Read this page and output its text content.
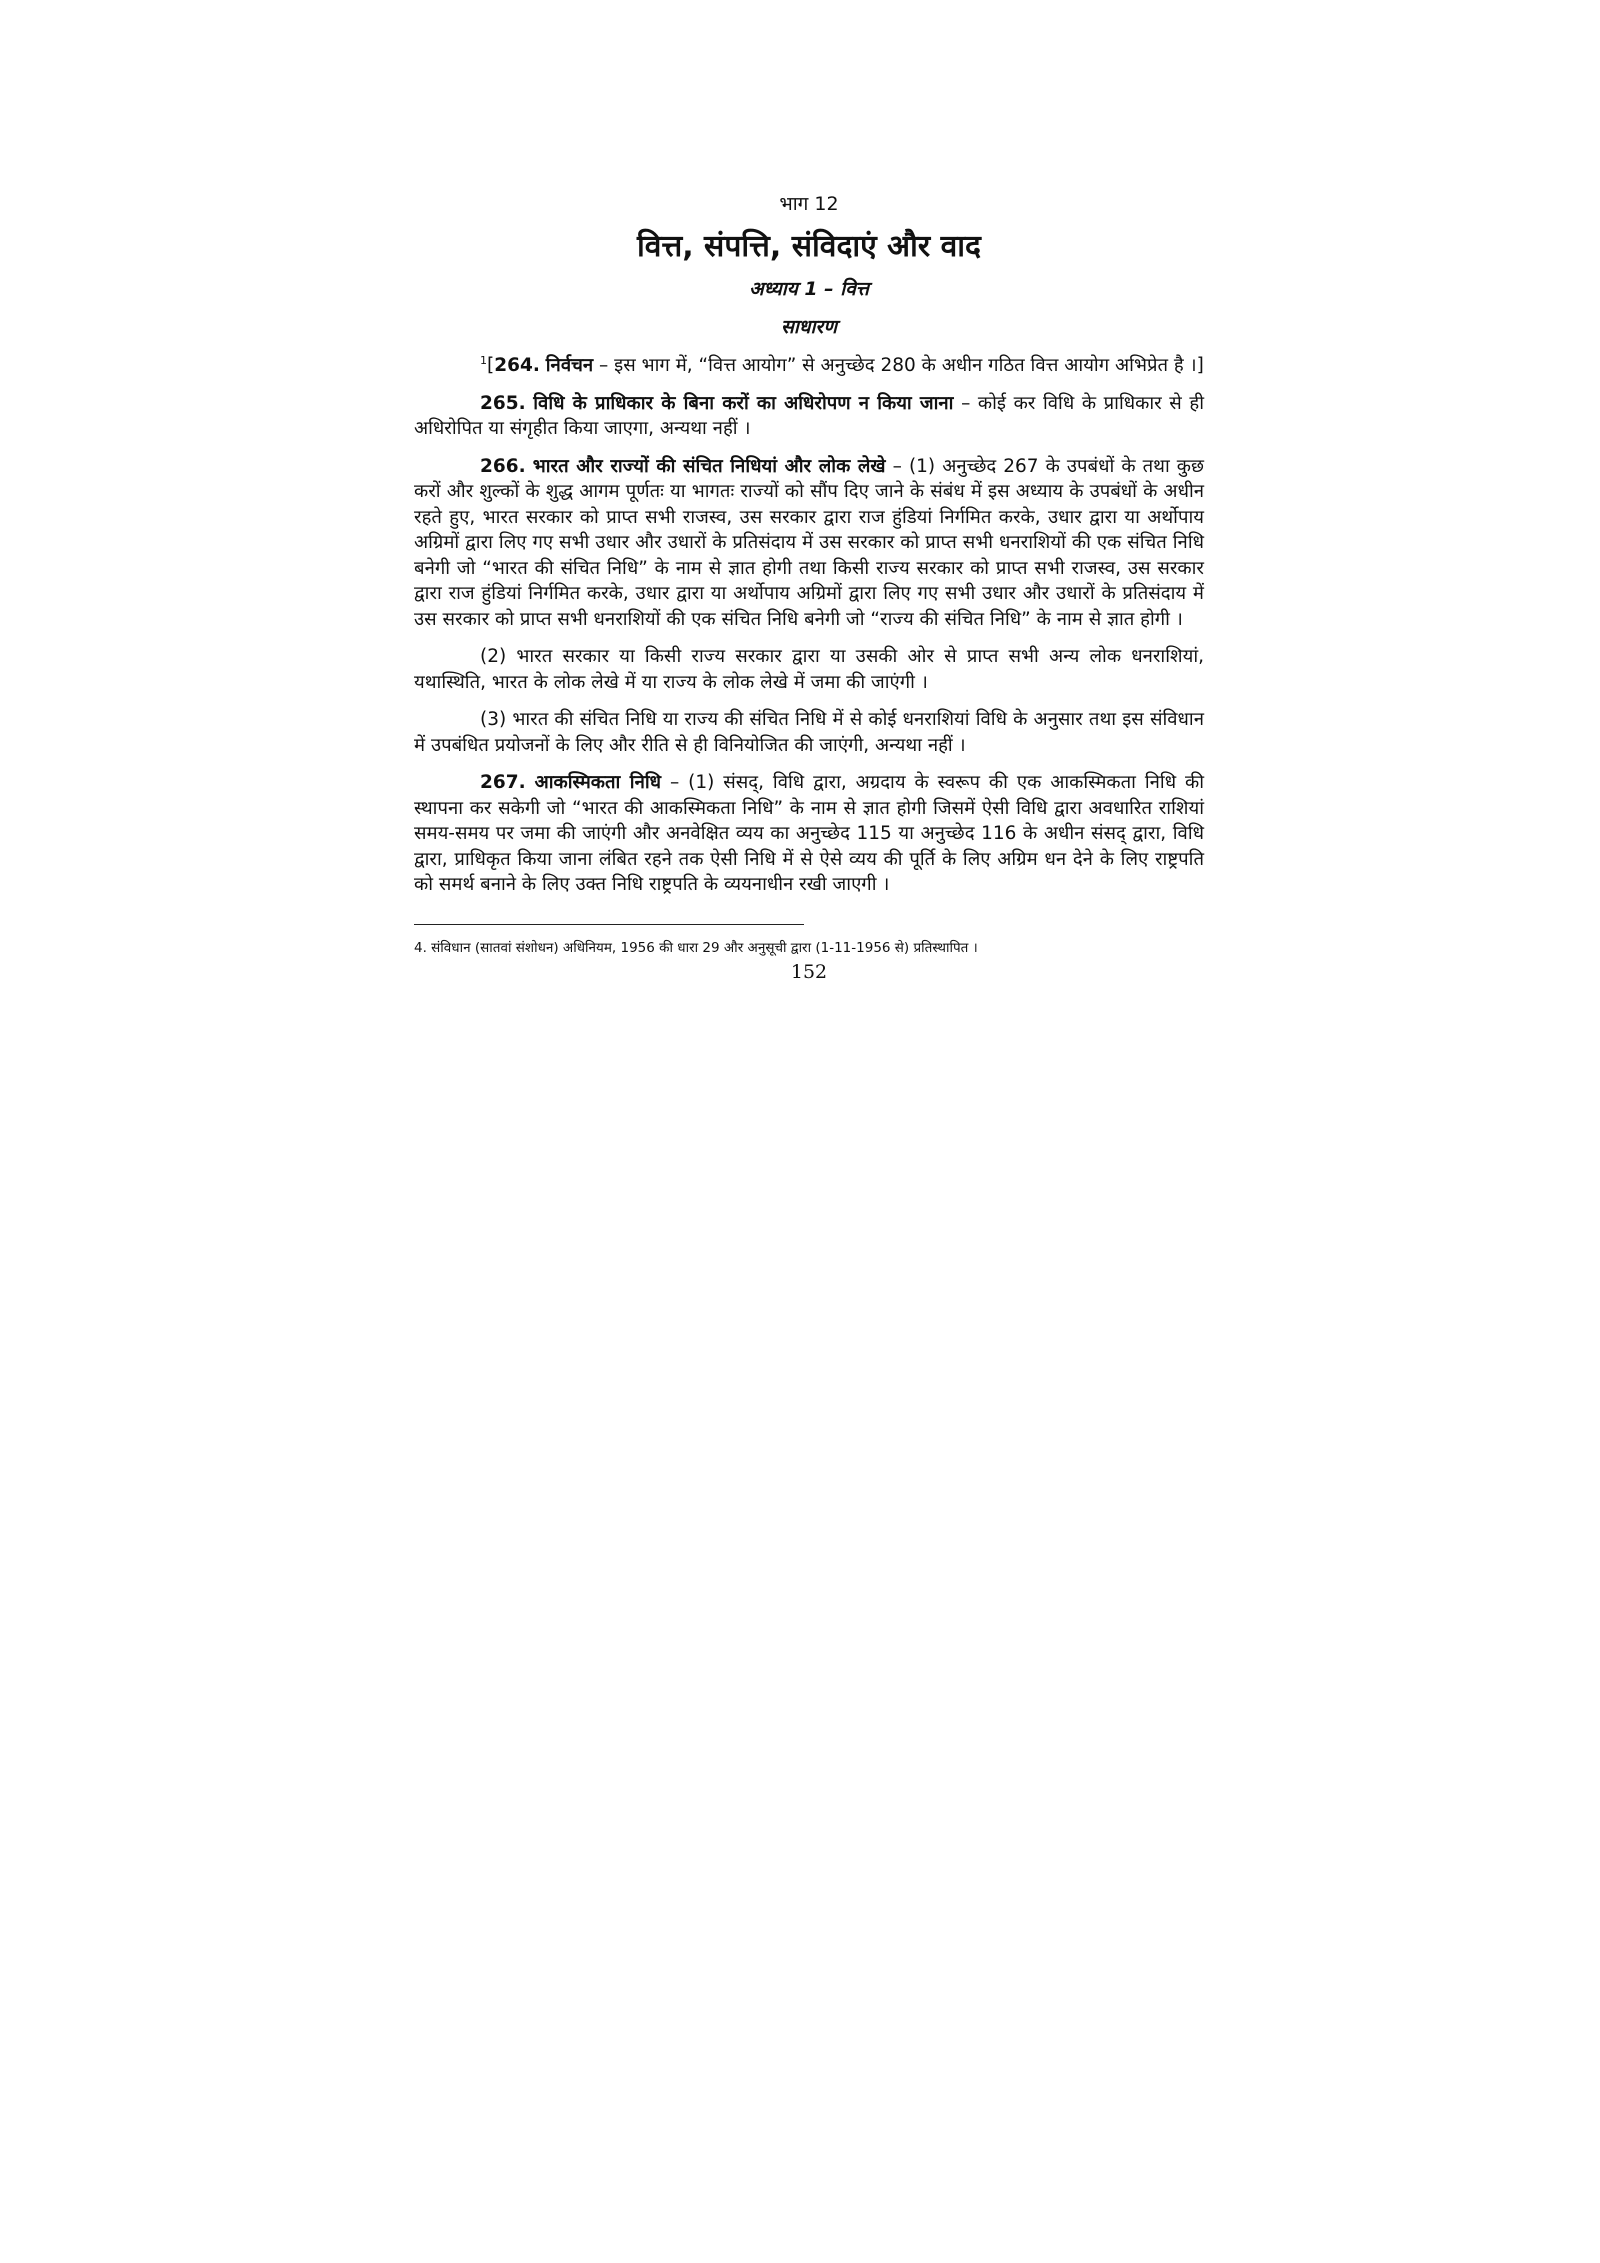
भाग 12

वित्त, संपत्ति, संविदाएं और वाद

अध्याय 1 – वित्त

साधारण

$^1$[264. निर्वचन – इस भाग में, “वित्त आयोग” से अनुच्छेद 280 के अधीन गठित वित्त आयोग अभिप्रेत है ।]

265. विधि के प्राधिकार के बिना करों का अधिरोपण न किया जाना – कोई कर विधि के प्राधिकार से ही अधिरोपित या संगृहीत किया जाएगा, अन्यथा नहीं ।

266. भारत और राज्यों की संचित निधियां और लोक लेखे – (1) अनुच्छेद 267 के उपबंधों के तथा कुछ करों और शुल्कों के शुद्ध आगम पूर्णतः या भागतः राज्यों को सौंप दिए जाने के संबंध में इस अध्याय के उपबंधों के अधीन रहते हुए, भारत सरकार को प्राप्त सभी राजस्व, उस सरकार द्वारा राज हुंडियां निर्गमित करके, उधार द्वारा या अर्थोपाय अग्रिमों द्वारा लिए गए सभी उधार और उधारों के प्रतिसंदाय में उस सरकार को प्राप्त सभी धनराशियों की एक संचित निधि बनेगी जो “भारत की संचित निधि” के नाम से ज्ञात होगी तथा किसी राज्य सरकार को प्राप्त सभी राजस्व, उस सरकार द्वारा राज हुंडियां निर्गमित करके, उधार द्वारा या अर्थोपाय अग्रिमों द्वारा लिए गए सभी उधार और उधारों के प्रतिसंदाय में उस सरकार को प्राप्त सभी धनराशियों की एक संचित निधि बनेगी जो “राज्य की संचित निधि” के नाम से ज्ञात होगी ।

(2) भारत सरकार या किसी राज्य सरकार द्वारा या उसकी ओर से प्राप्त सभी अन्य लोक धनराशियां, यथास्थिति, भारत के लोक लेखे में या राज्य के लोक लेखे में जमा की जाएंगी ।

(3) भारत की संचित निधि या राज्य की संचित निधि में से कोई धनराशियां विधि के अनुसार तथा इस संविधान में उपबंधित प्रयोजनों के लिए और रीति से ही विनियोजित की जाएंगी, अन्यथा नहीं ।

267. आकस्मिकता निधि – (1) संसद्, विधि द्वारा, अग्रदाय के स्वरूप की एक आकस्मिकता निधि की स्थापना कर सकेगी जो “भारत की आकस्मिकता निधि” के नाम से ज्ञात होगी जिसमें ऐसी विधि द्वारा अवधारित राशियां समय-समय पर जमा की जाएंगी और अनवेक्षित व्यय का अनुच्छेद 115 या अनुच्छेद 116 के अधीन संसद् द्वारा, विधि द्वारा, प्राधिकृत किया जाना लंबित रहने तक ऐसी निधि में से ऐसे व्यय की पूर्ति के लिए अग्रिम धन देने के लिए राष्ट्रपति को समर्थ बनाने के लिए उक्त निधि राष्ट्रपति के व्ययनाधीन रखी जाएगी ।

4. संविधान (सातवां संशोधन) अधिनियम, 1956 की धारा 29 और अनुसूची द्वारा (1-11-1956 से) प्रतिस्थापित ।

152
